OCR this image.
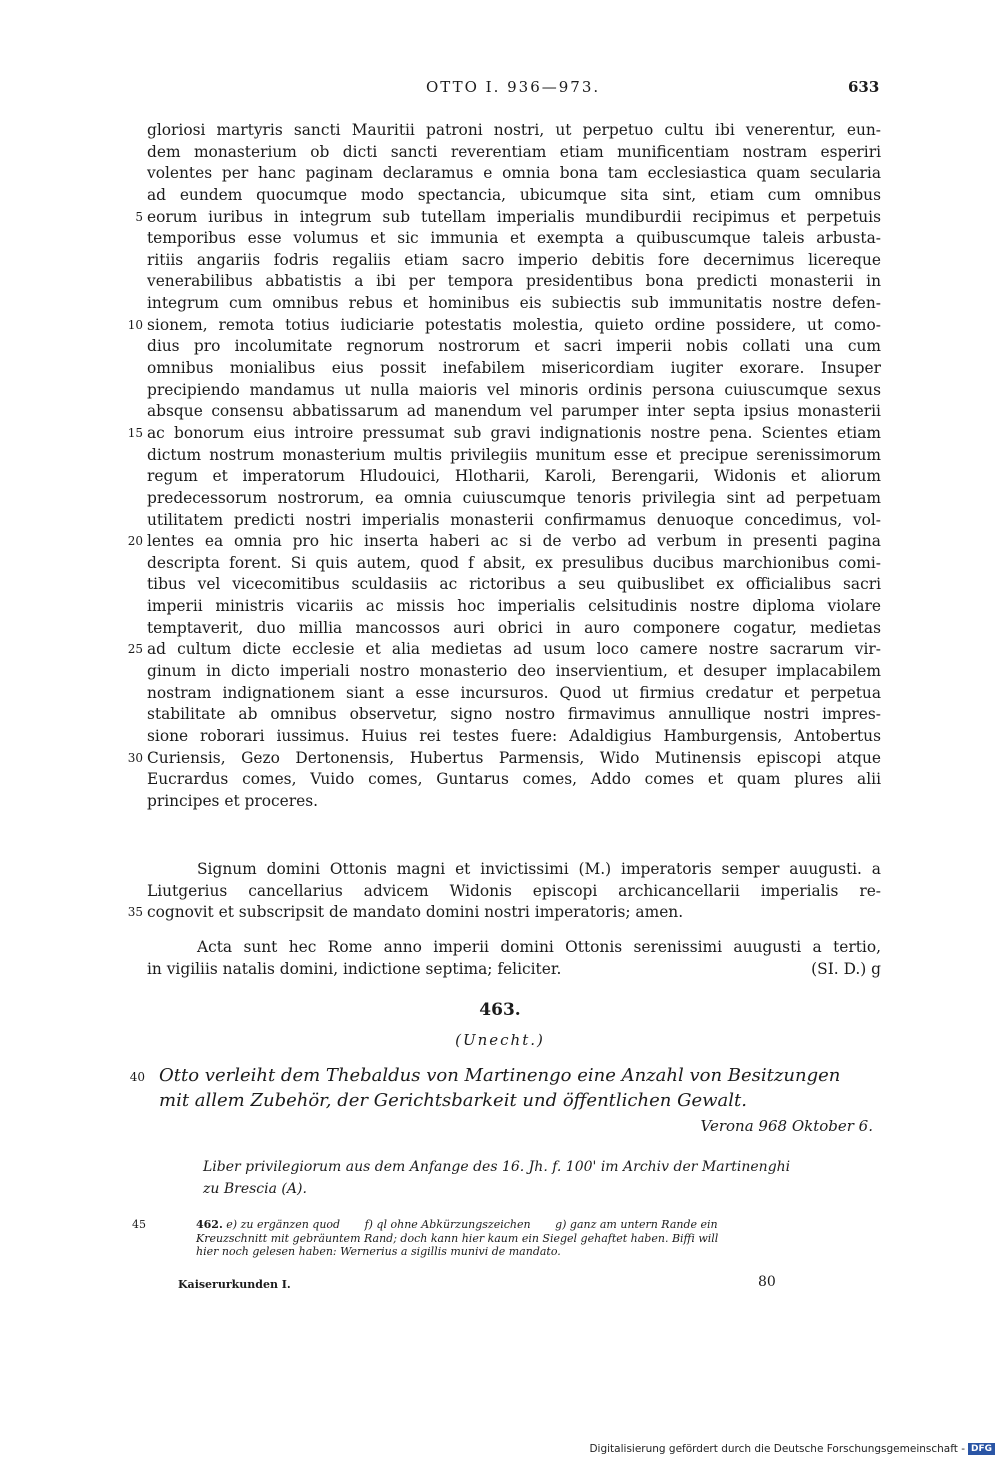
OTTO I. 936—973.	633
gloriosi martyris sancti Mauritii patroni nostri, ut perpetuo cultu ibi venerentur, eun-
dem monasterium ob dicti sancti reverentiam etiam munificentiam nostram esperiri
volentes per hanc paginam declaramus e omnia bona tam ecclesiastica quam secularia
ad eundem quocumque modo spectancia, ubicumque sita sint, etiam cum omnibus
5 eorum iuribus in integrum sub tutellam imperialis mundiburdii recipimus et perpetuis
temporibus esse volumus et sic immunia et exempta a quibuscumque taleis arbusta-
ritiis angariis fodris regaliis etiam sacro imperio debitis fore decernimus licereque
venerabilibus abbatistis a ibi per tempora presidentibus bona predicti monasterii in
integrum cum omnibus rebus et hominibus eis subiectis sub immunitatis nostre defen-
10 sionem, remota totius iudiciarie potestatis molestia, quieto ordine possidere, ut como-
dius pro incolumitate regnorum nostrorum et sacri imperii nobis collati una cum
omnibus monialibus eius possit inefabilem misericordiam iugiter exorare. Insuper
precipiendo mandamus ut nulla maioris vel minoris ordinis persona cuiuscumque sexus
absque consensu abbatissarum ad manendum vel parumper inter septa ipsius monasterii
15 ac bonorum eius introire pressumat sub gravi indignationis nostre pena. Scientes etiam
dictum nostrum monasterium multis privilegiis munitum esse et precipue serenissimorum
regum et imperatorum Hludouici, Hlotharii, Karoli, Berengarii, Widonis et aliorum
predecessorum nostrorum, ea omnia cuiuscumque tenoris privilegia sint ad perpetuam
utilitatem predicti nostri imperialis monasterii confirmamus denuoque concedimus, vol-
20 lentes ea omnia pro hic inserta haberi ac si de verbo ad verbum in presenti pagina
descripta forent. Si quis autem, quod f absit, ex presulibus ducibus marchionibus comi-
tibus vel vicecomitibus sculdasiis ac rictoribus a seu quibuslibet ex officialibus sacri
imperii ministris vicariis ac missis hoc imperialis celsitudinis nostre diploma violare
temptaverit, duo millia mancossos auri obrici in auro componere cogatur, medietas
25 ad cultum dicte ecclesie et alia medietas ad usum loco camere nostre sacrarum vir-
ginum in dicto imperiali nostro monasterio deo inservientium, et desuper implacabilem
nostram indignationem siant a esse incursuros. Quod ut firmius credatur et perpetua
stabilitate ab omnibus observetur, signo nostro firmavimus annullique nostri impres-
sione roborari iussimus. Huius rei testes fuere: Adaldigius Hamburgensis, Antobertus
30 Curiensis, Gezo Dertonensis, Hubertus Parmensis, Wido Mutinensis episcopi atque
Eucrardus comes, Vuido comes, Guntarus comes, Addo comes et quam plures alii
principes et proceres.
Signum domini Ottonis magni et invictissimi (M.) imperatoris semper auugusti. a
Liutgerius cancellarius advicem Widonis episcopi archicancellarii imperialis re-
35 cognovit et subscripsit de mandato domini nostri imperatoris; amen.
Acta sunt hec Rome anno imperii domini Ottonis serenissimi auugusti a tertio,
in vigiliis natalis domini, indictione septima; feliciter.	(SI. D.) g
463.
(Unecht.)
40 Otto verleiht dem Thebaldus von Martinengo eine Anzahl von Besitzungen
mit allem Zubehör, der Gerichtsbarkeit und öffentlichen Gewalt.
Verona 968 Oktober 6.
Liber privilegiorum aus dem Anfange des 16. Jh. f. 100' im Archiv der Martinenghi
zu Brescia (A).
45	462. e) zu ergänzen quod       f) ql ohne Abkürzungszeichen       g) ganz am untern Rande ein
Kreuzschnitt mit gebräuntem Rand; doch kann hier kaum ein Siegel gehaftet haben. Biffi will
hier noch gelesen haben: Wernerius a sigillis munivi de mandato.
Kaiserurkunden I.	80
Digitalisierung gefördert durch die Deutsche Forschungsgemeinschaft - DFG
